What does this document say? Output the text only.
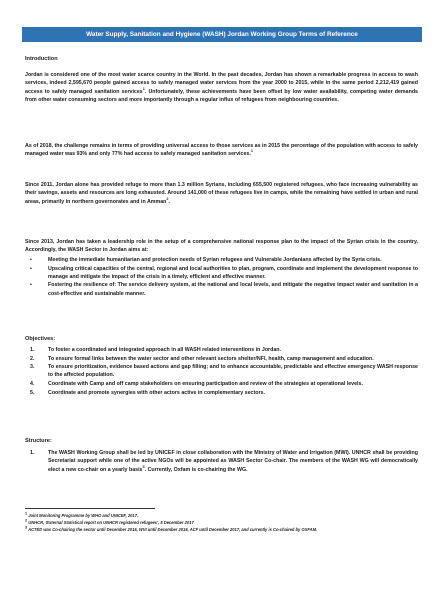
Water Supply, Sanitation and Hygiene (WASH) Jordan Working Group Terms of Reference
Introduction

Jordan is considered one of the most water scarce country in the World. In the past decades, Jordan has shown a remarkable progress in access to wash services, indeed 2,595,670 people gained access to safely managed water services from the year 2000 to 2015, while in the same period 2,212,419 gained access to safely managed sanitation services$^1$. Unfortunately, these achievements have been offset by low water availability, competing water demands from other water consuming sectors and more importantly through a regular influx of refugees from neighbouring countries.

As of 2018, the challenge remains in terms of providing universal access to those services as in 2015 the percentage of the population with access to safely managed water was 93% and only 77% had access to safely managed sanitation services.$^1$

Since 2011, Jordan alone has provided refuge to more than 1.3 million Syrians, including 655,500 registered refugees, who face increasing vulnerability as their savings, assets and resources are long exhausted. Around 141,000 of these refugees live in camps, while the remaining have settled in urban and rural areas, primarily in northern governorates and in Amman$^2$.

Since 2013, Jordan has taken a leadership role in the setup of a comprehensive national response plan to the impact of the Syrian crisis in the country. Accordingly, the WASH Sector in Jordan aims at:

▪	Meeting the immediate humanitarian and protection needs of Syrian refugees and Vulnerable Jordanians affected by the Syria crisis.
▪	Upscaling critical capacities of the central, regional and local authorities to plan, program, coordinate and implement the development response to manage and mitigate the impact of the crisis in a timely, efficient and effective manner.
▪	Fostering the resilience of: The service delivery system, at the national and local levels, and mitigate the negative impact water and sanitation in a cost-effective and sustainable manner.
Objectives:
1.	To foster a coordinated and integrated approach in all WASH related interventions in Jordan.
2.	To ensure formal links between the water sector and other relevant sectors shelter/NFI, health, camp management and education.
3.	To ensure prioritization, evidence based actions and gap filling; and to enhance accountable, predictable and effective emergency WASH response to the affected population.
4.	Coordinate with Camp and off camp stakeholders on ensuring participation and review of the strategies at operational levels.
5.	Coordinate and promote synergies with other actors active in complementary sectors.
Structure:
1.	The WASH Working Group shall be led by UNICEF in close collaboration with the Ministry of Water and Irrigation (MWI). UNHCR shall be providing Secretariat support while one of the active NGOs will be appointed as WASH Sector Co-chair. The members of the WASH WG will democratically elect a new co-chair on a yearly basis$^3$. Currently, Oxfam is co-chairing the WG.
$^1$ Joint Monitoring Programme by WHO and UNICEF, 2017.
$^2$ UNHCR, 'External Statistical report on UNHCR registered refugees', 5 December 2017
$^3$ ACTED was Co-chairing the sector until December 2015, WVI until December 2016, ACF until December 2017, and currently is Co-chaired by OXFAM.
